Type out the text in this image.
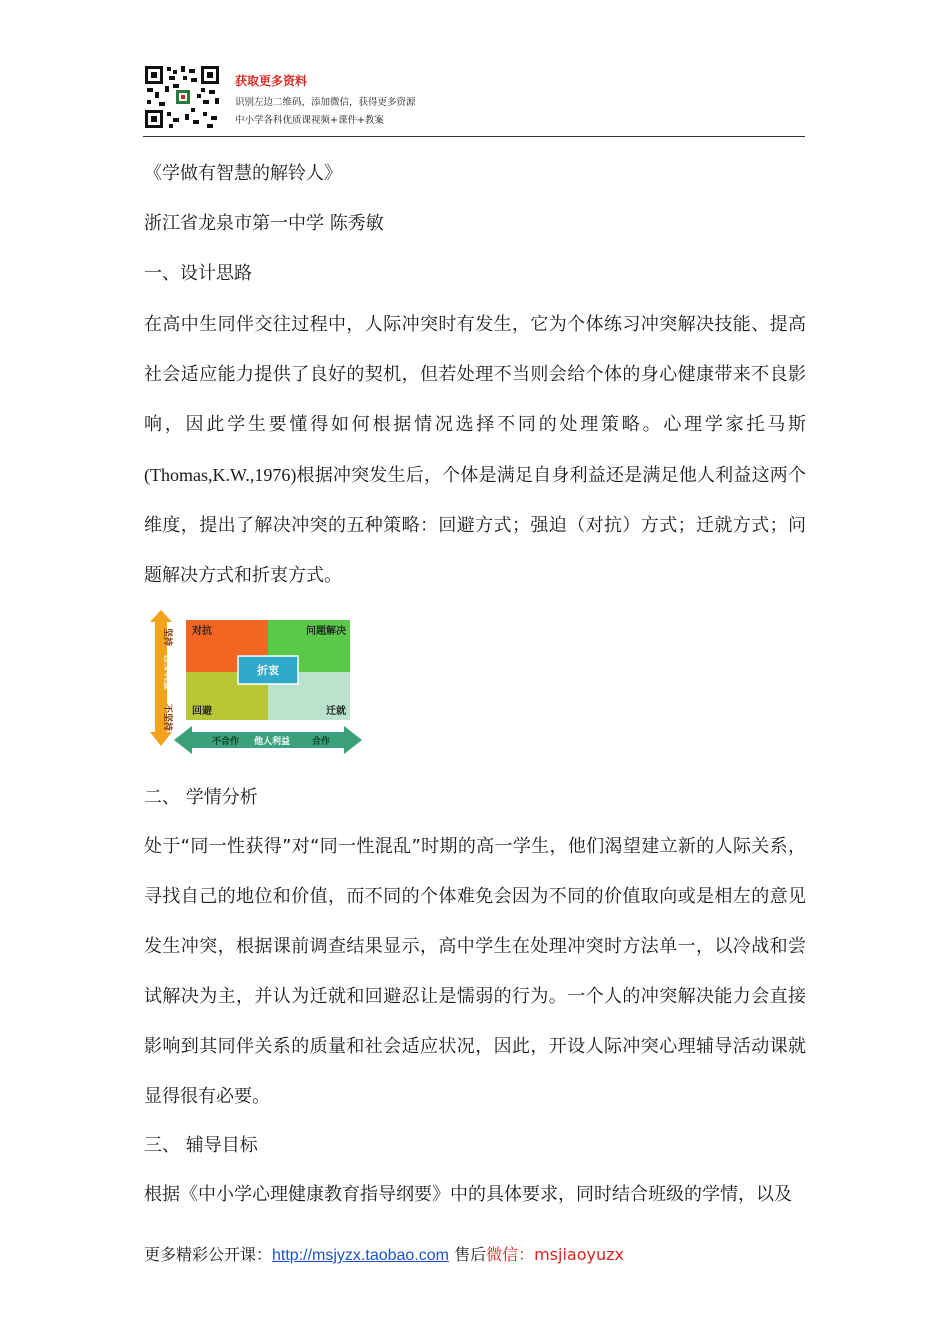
获取更多资料
识别左边二维码，添加微信，获得更多资源
中小学各科优质课视频+课件+教案
《学做有智慧的解铃人》
浙江省龙泉市第一中学 陈秀敏
一、设计思路

在高中生同伴交往过程中，人际冲突时有发生，它为个体练习冲突解决技能、提高社会适应能力提供了良好的契机，但若处理不当则会给个体的身心健康带来不良影响，因此学生要懂得如何根据情况选择不同的处理策略。心理学家托马斯(Thomas,K.W.,1976)根据冲突发生后，个体是满足自身利益还是满足他人利益这两个维度，提出了解决冲突的五种策略：回避方式；强迫（对抗）方式；迁就方式；问题解决方式和折衷方式。

对抗	问题解决
回避	迁就
折衷
坚持
自身利益
不坚持
不合作 他人利益 合作
二、 学情分析

处于“同一性获得”对“同一性混乱”时期的高一学生，他们渴望建立新的人际关系，寻找自己的地位和价值，而不同的个体难免会因为不同的价值取向或是相左的意见发生冲突，根据课前调查结果显示，高中学生在处理冲突时方法单一，以冷战和尝试解决为主，并认为迁就和回避忍让是懦弱的行为。一个人的冲突解决能力会直接影响到其同伴关系的质量和社会适应状况，因此，开设人际冲突心理辅导活动课就显得很有必要。

三、 辅导目标

根据《中小学心理健康教育指导纲要》中的具体要求，同时结合班级的学情，以及

更多精彩公开课：http://msjyzx.taobao.com 售后微信：msjiaoyuzx
